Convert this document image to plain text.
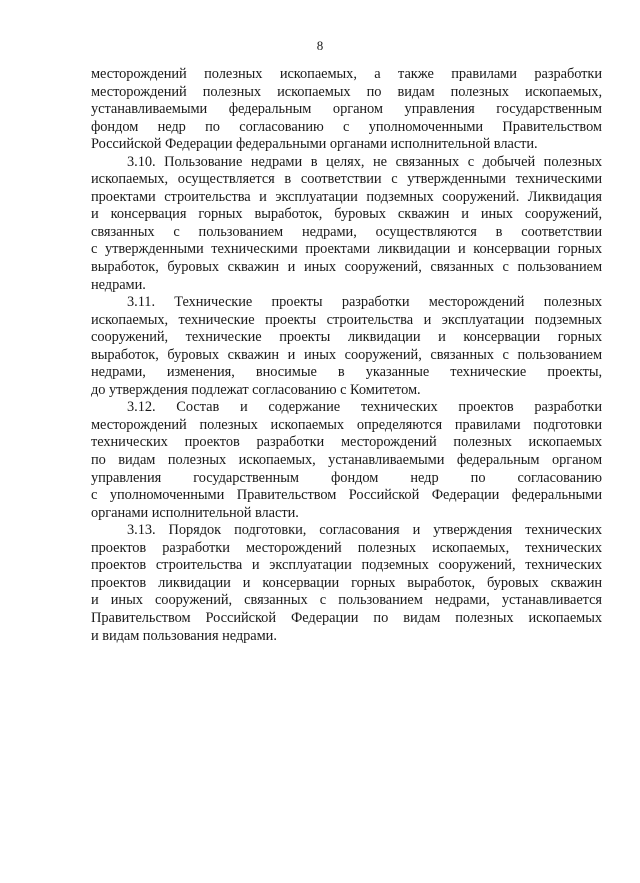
8
месторождений полезных ископаемых, а также правилами разработки
месторождений полезных ископаемых по видам полезных ископаемых,
устанавливаемыми федеральным органом управления государственным
фондом недр по согласованию с уполномоченными Правительством
Российской Федерации федеральными органами исполнительной власти.
3.10. Пользование недрами в целях, не связанных с добычей полезных
ископаемых, осуществляется в соответствии с утвержденными техническими
проектами строительства и эксплуатации подземных сооружений. Ликвидация
и консервация горных выработок, буровых скважин и иных сооружений,
связанных с пользованием недрами, осуществляются в соответствии
с утвержденными техническими проектами ликвидации и консервации горных
выработок, буровых скважин и иных сооружений, связанных с пользованием
недрами.
3.11. Технические проекты разработки месторождений полезных
ископаемых, технические проекты строительства и эксплуатации подземных
сооружений, технические проекты ликвидации и консервации горных
выработок, буровых скважин и иных сооружений, связанных с пользованием
недрами, изменения, вносимые в указанные технические проекты,
до утверждения подлежат согласованию с Комитетом.
3.12. Состав и содержание технических проектов разработки
месторождений полезных ископаемых определяются правилами подготовки
технических проектов разработки месторождений полезных ископаемых
по видам полезных ископаемых, устанавливаемыми федеральным органом
управления государственным фондом недр по согласованию
с уполномоченными Правительством Российской Федерации федеральными
органами исполнительной власти.
3.13. Порядок подготовки, согласования и утверждения технических
проектов разработки месторождений полезных ископаемых, технических
проектов строительства и эксплуатации подземных сооружений, технических
проектов ликвидации и консервации горных выработок, буровых скважин
и иных сооружений, связанных с пользованием недрами, устанавливается
Правительством Российской Федерации по видам полезных ископаемых
и видам пользования недрами.
